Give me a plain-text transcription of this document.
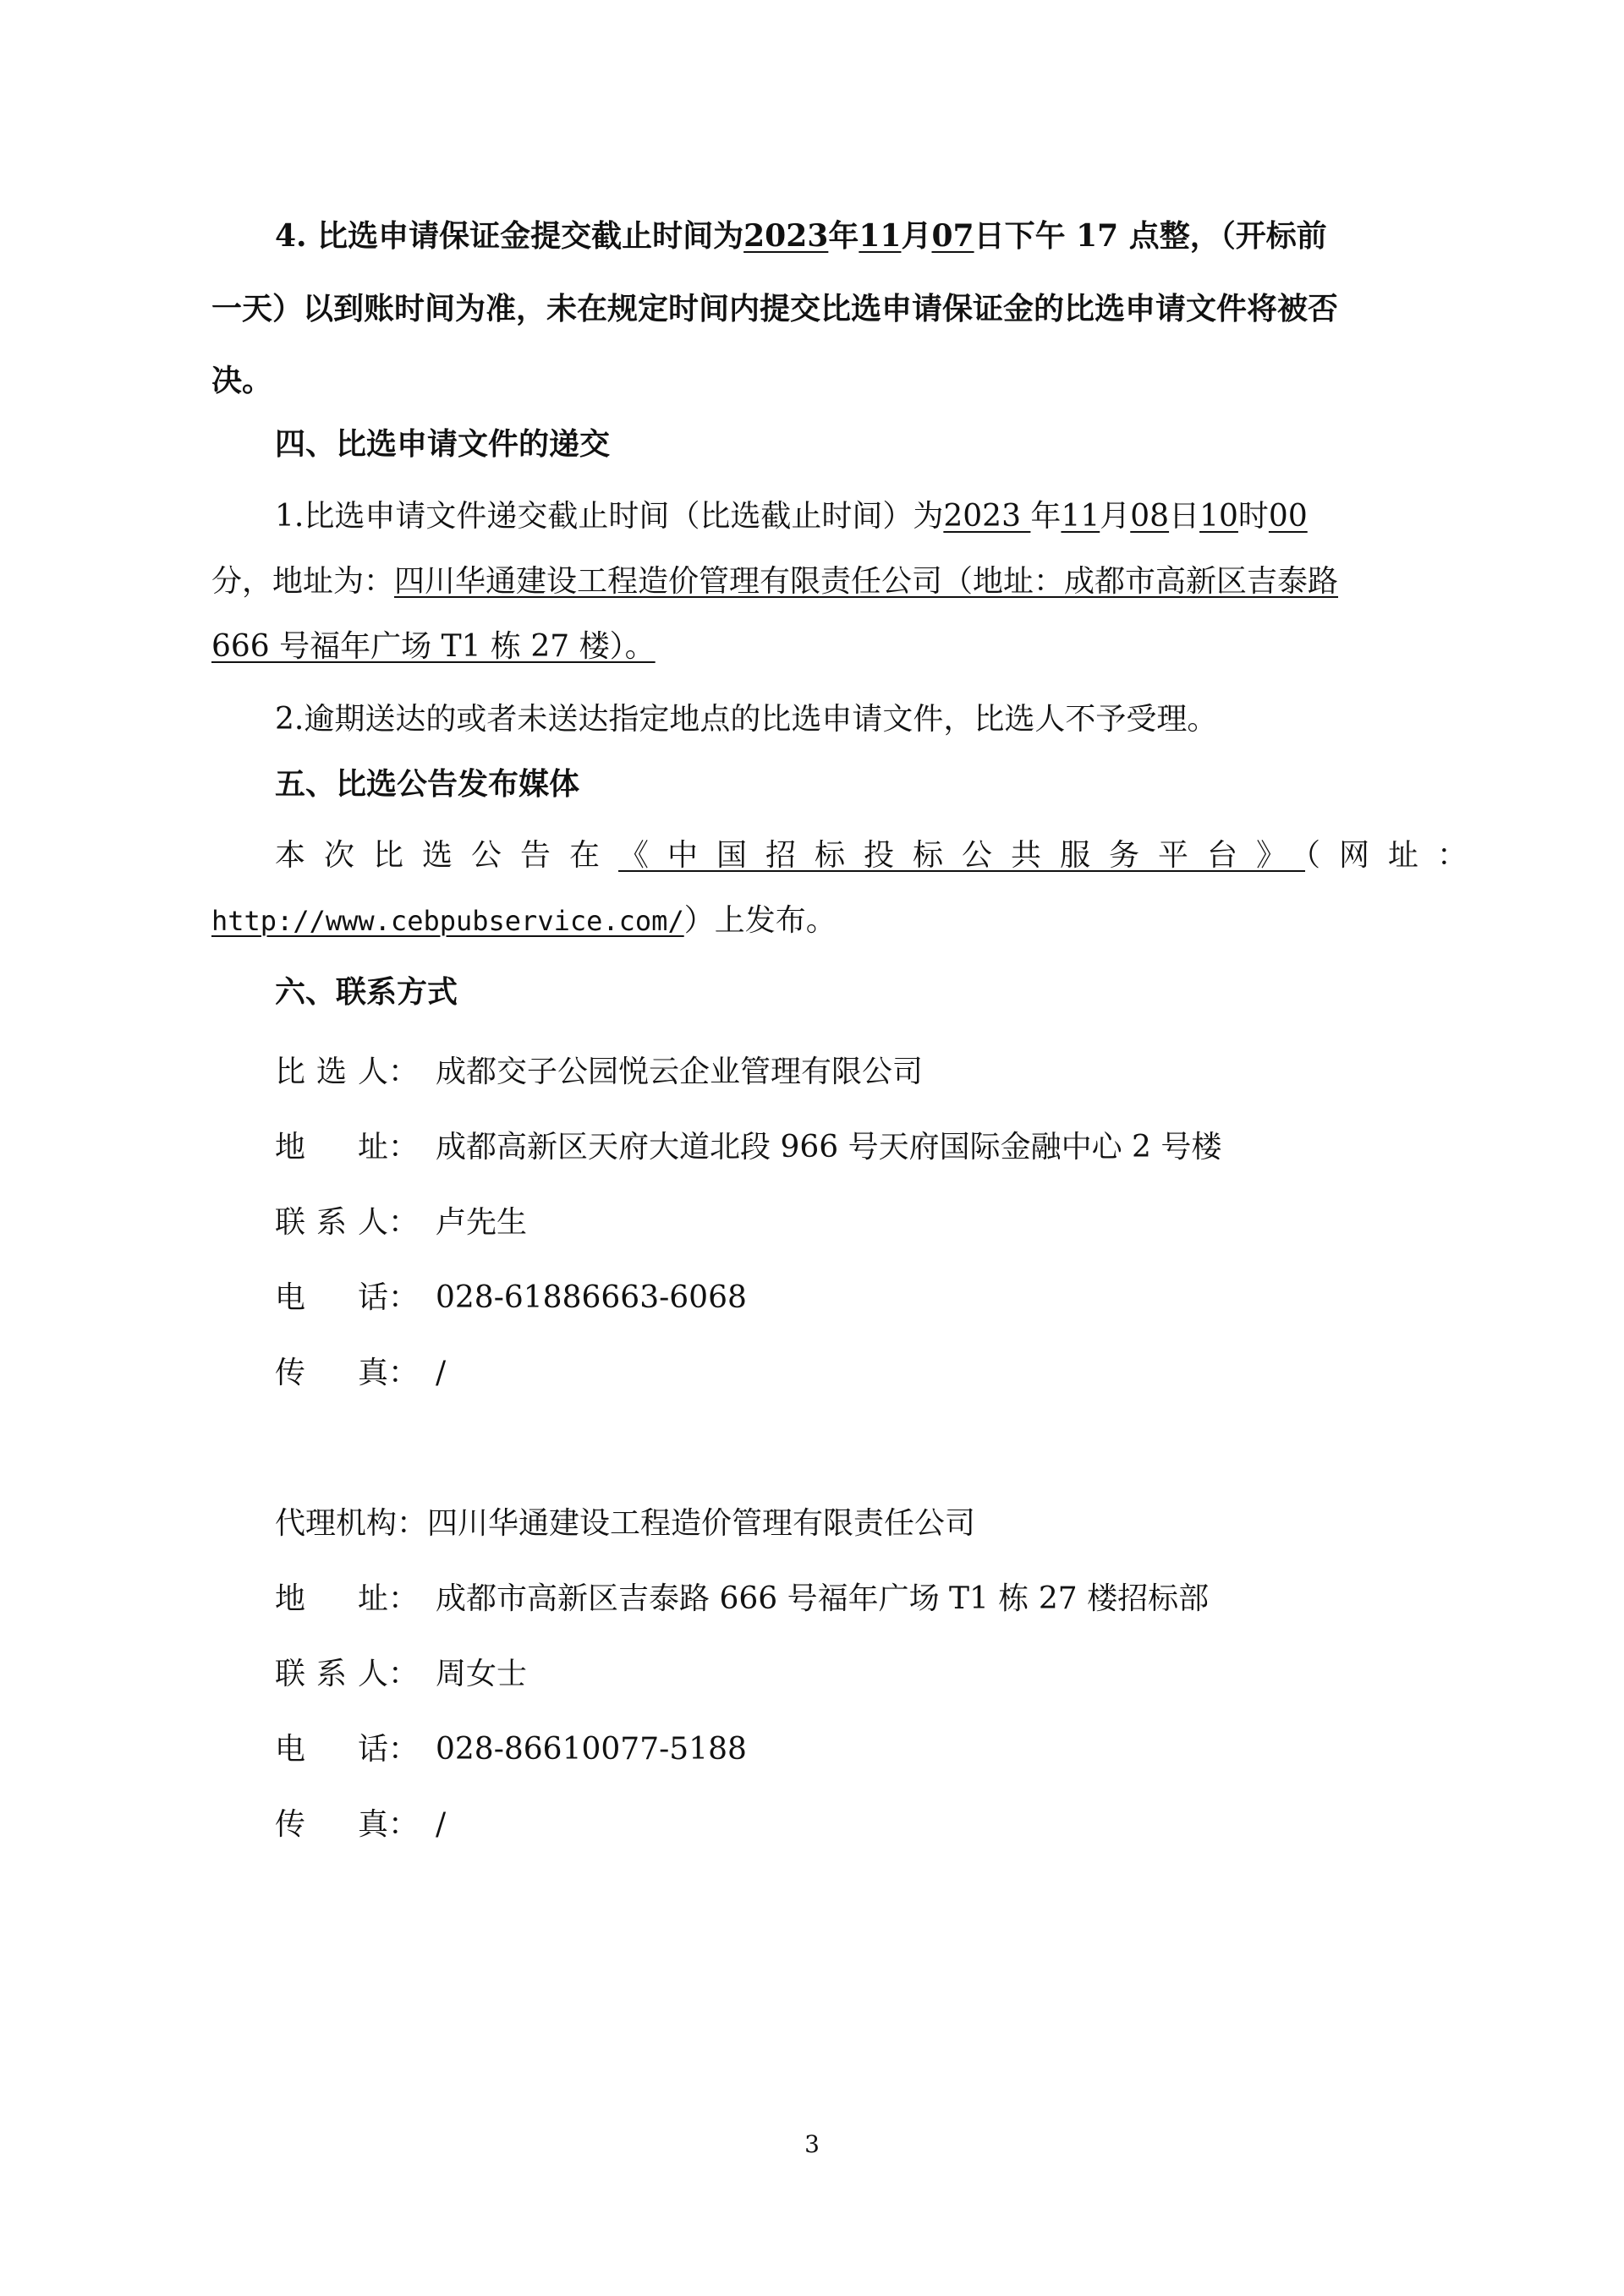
4. 比选申请保证金提交截止时间为2023年11月07日下午 17 点整，（开标前
一天）以到账时间为准，未在规定时间内提交比选申请保证金的比选申请文件将被否
决。
四、比选申请文件的递交
1.比选申请文件递交截止时间（比选截止时间）为2023 年11月08日10时00
分，地址为：四川华通建设工程造价管理有限责任公司（地址：成都市高新区吉泰路
666 号福年广场 T1 栋 27 楼）。
2.逾期送达的或者未送达指定地点的比选申请文件，比选人不予受理。
五、比选公告发布媒体
本次比选公告在《中国招标投标公共服务平台》（网址：
http://www.cebpubservice.com/）上发布。
六、联系方式
比 选 人： 成都交子公园悦云企业管理有限公司
地 址： 成都高新区天府大道北段 966 号天府国际金融中心 2 号楼
联 系 人： 卢先生
电 话： 028-61886663-6068
传 真： /
代理机构：四川华通建设工程造价管理有限责任公司
地 址： 成都市高新区吉泰路 666 号福年广场 T1 栋 27 楼招标部
联 系 人： 周女士
电 话： 028-86610077-5188
传 真： /
3
